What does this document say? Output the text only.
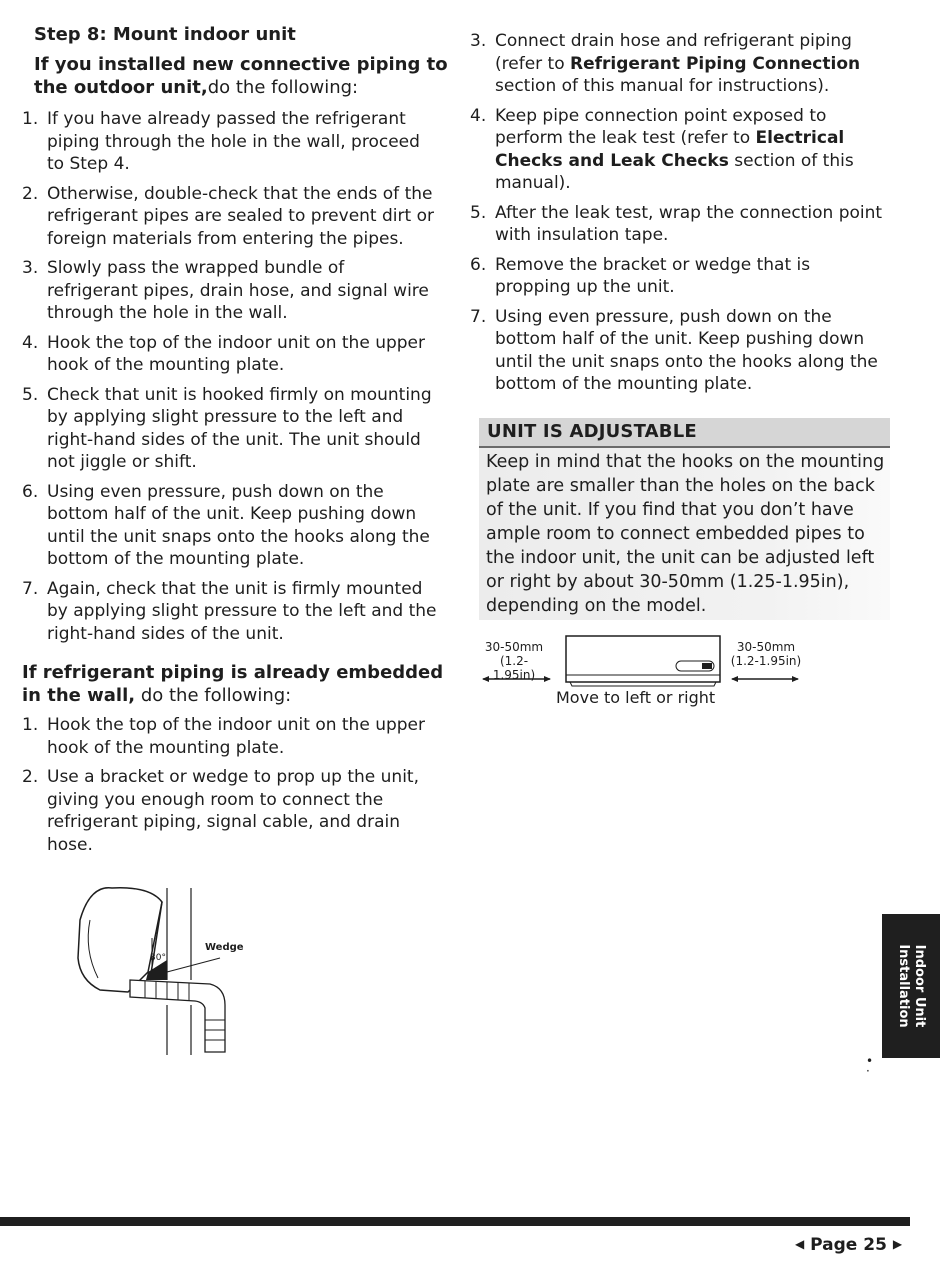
Step 8: Mount indoor unit

If you installed new connective piping to the outdoor unit,do the following:

1. If you have already passed the refrigerant piping through the hole in the wall, proceed to Step 4.
2. Otherwise, double-check that the ends of the refrigerant pipes are sealed to prevent dirt or foreign materials from entering the pipes.
3. Slowly pass the wrapped bundle of refrigerant pipes, drain hose, and signal wire through the hole in the wall.
4. Hook the top of the indoor unit on the upper hook of the mounting plate.
5. Check that unit is hooked firmly on mounting by applying slight pressure to the left and right-hand sides of the unit. The unit should not jiggle or shift.
6. Using even pressure, push down on the bottom half of the unit. Keep pushing down until the unit snaps onto the hooks along the bottom of the mounting plate.
7. Again, check that the unit is firmly mounted by applying slight pressure to the left and the right-hand sides of the unit.

If refrigerant piping is already embedded in the wall, do the following:

1. Hook the top of the indoor unit on the upper hook of the mounting plate.
2. Use a bracket or wedge to prop up the unit, giving you enough room to connect the refrigerant piping, signal cable, and drain hose.
3. Connect drain hose and refrigerant piping (refer to Refrigerant Piping Connection section of this manual for instructions).
4. Keep pipe connection point exposed to perform the leak test (refer to Electrical Checks and Leak Checks section of this manual).
5. After the leak test, wrap the connection point with insulation tape.
6. Remove the bracket or wedge that is propping up the unit.
7. Using even pressure, push down on the bottom half of the unit. Keep pushing down until the unit snaps onto the hooks along the bottom of the mounting plate.
UNIT IS ADJUSTABLE

Keep in mind that the hooks on the mounting plate are smaller than the holes on the back of the unit. If you find that you don’t have ample room to connect embedded pipes to the indoor unit, the unit can be adjusted left or right by about 30-50mm (1.25-1.95in), depending on the model.

30-50mm
(1.2-1.95in)
30-50mm
(1.2-1.95in)
Move to left or right
30°
Wedge	Indoor Unit
Installation
•
·
◀ Page 25 ▶
